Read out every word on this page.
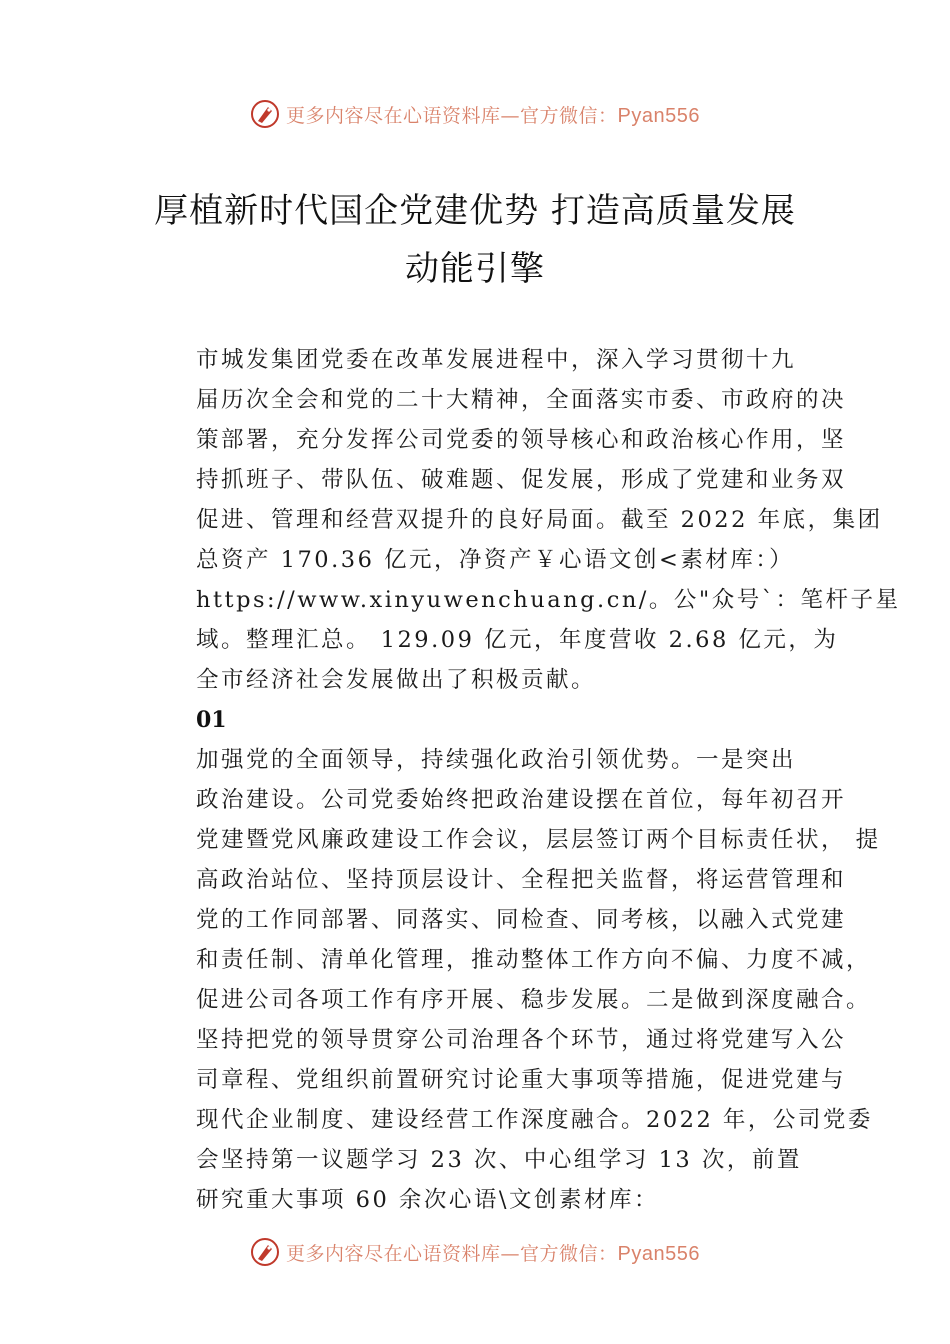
更多内容尽在心语资料库—官方微信：Pyan556
厚植新时代国企党建优势 打造高质量发展
动能引擎
市城发集团党委在改革发展进程中，深入学习贯彻十九
届历次全会和党的二十大精神，全面落实市委、市政府的决
策部署，充分发挥公司党委的领导核心和政治核心作用，坚
持抓班子、带队伍、破难题、促发展，形成了党建和业务双
促进、管理和经营双提升的良好局面。截至 2022 年底，集团
总资产 170.36 亿元，净资产￥心语文创<素材库：）
https://www.xinyuwenchuang.cn/。公"众号`：笔杆子星
域。整理汇总。 129.09 亿元，年度营收 2.68 亿元，为
全市经济社会发展做出了积极贡献。
01
加强党的全面领导，持续强化政治引领优势。一是突出
政治建设。公司党委始终把政治建设摆在首位，每年初召开
党建暨党风廉政建设工作会议，层层签订两个目标责任状， 提
高政治站位、坚持顶层设计、全程把关监督，将运营管理和
党的工作同部署、同落实、同检查、同考核，以融入式党建
和责任制、清单化管理，推动整体工作方向不偏、力度不减，
促进公司各项工作有序开展、稳步发展。二是做到深度融合。
坚持把党的领导贯穿公司治理各个环节，通过将党建写入公
司章程、党组织前置研究讨论重大事项等措施，促进党建与
现代企业制度、建设经营工作深度融合。2022 年，公司党委
会坚持第一议题学习 23 次、中心组学习 13 次，前置
研究重大事项 60 余次心语\文创素材库：
更多内容尽在心语资料库—官方微信：Pyan556
